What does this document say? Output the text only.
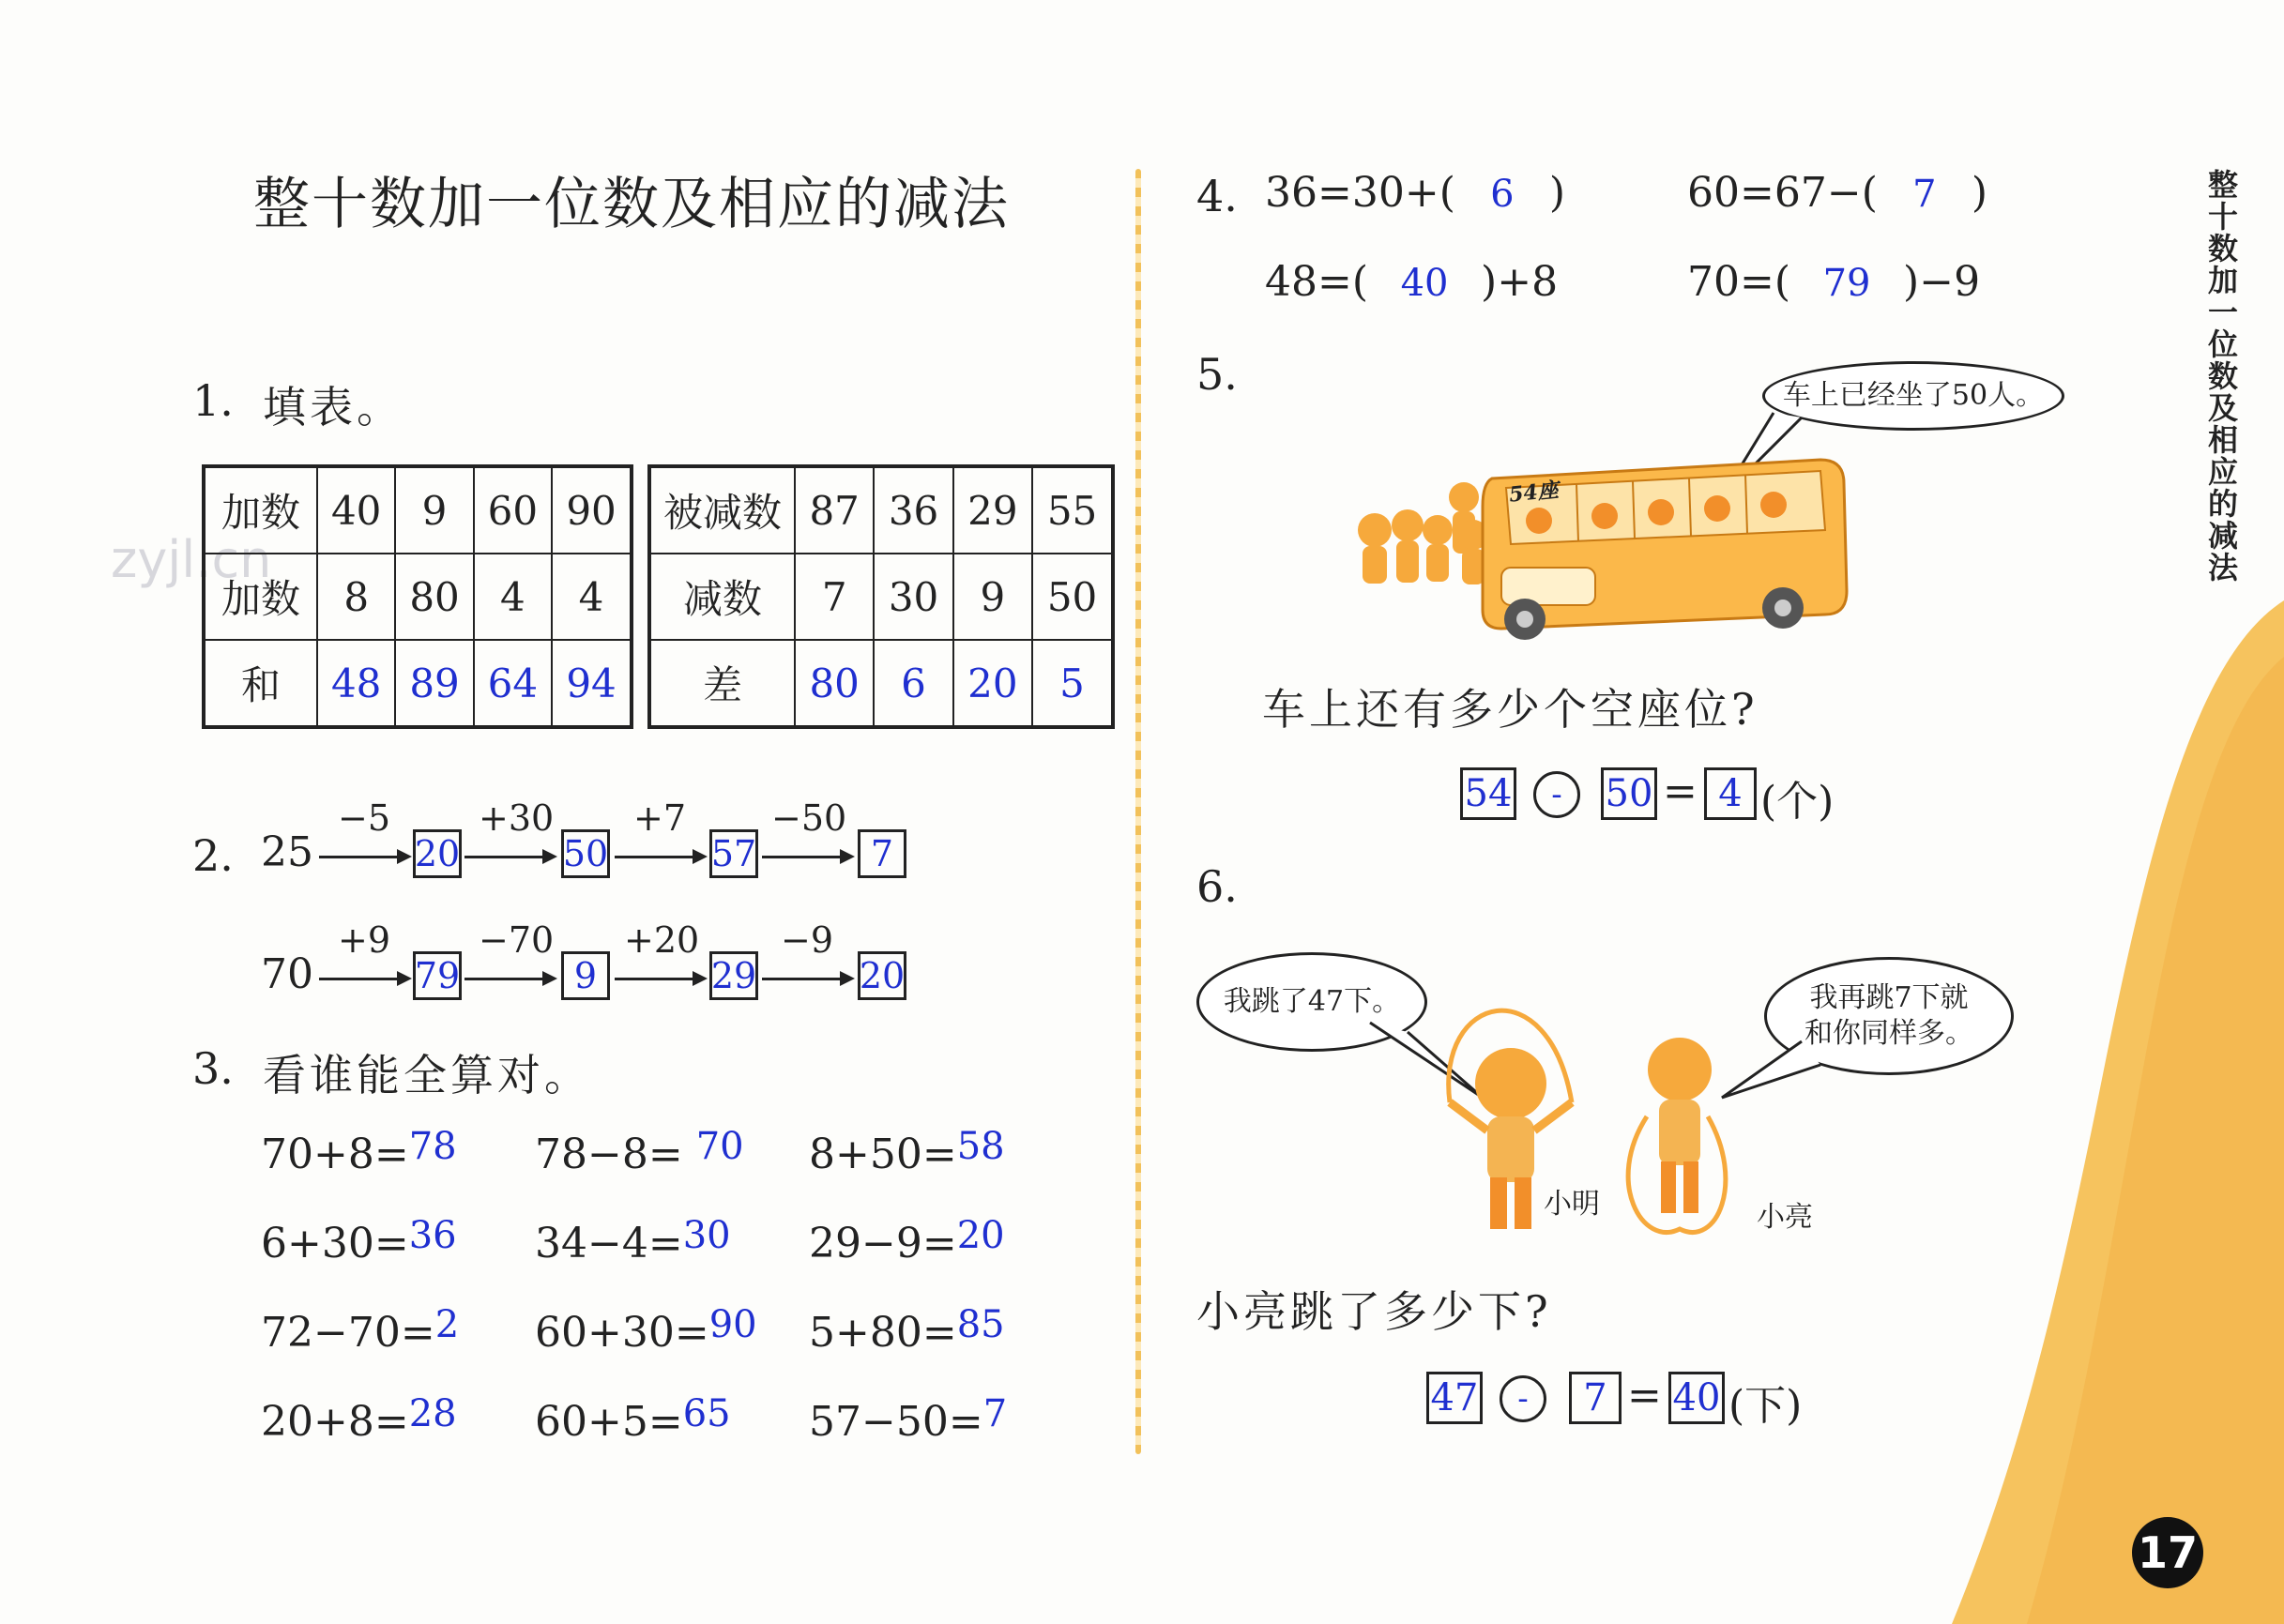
整十数加一位数及相应的减法
zyjl.cn
1. 填表。
加数	40	9	60	90
加数	8	80	4	4
和	48	89	64	94
被减数	87	36	29	55
减数	7	30	9	50
差	80	6	20	5
2. 25
−5
20
+30
50
+7
57
−50
7
70
+9
79
−70
9
+20
29
−9
20
3. 看谁能全算对。
70+8=78 78−8= 70 8+50=58
6+30=36 34−4=30 29−9=20
72−70=2 60+30=90 5+80=85
20+8=28 60+5=65 57−50=7
4. 36=30+( 6 )	60=67−( 7 )
48=( 40 )+8	70=( 79 )−9
5.	车上已经坐了50人。
54座
车上还有多少个空座位?
54	-	50 = 4 (个)
6.
我跳了47下。	我再跳7下就
和你同样多。
小明	小亮
小亮跳了多少下?
47	-	7 = 40 (下)
整十数加一位数及相应的减法
17
